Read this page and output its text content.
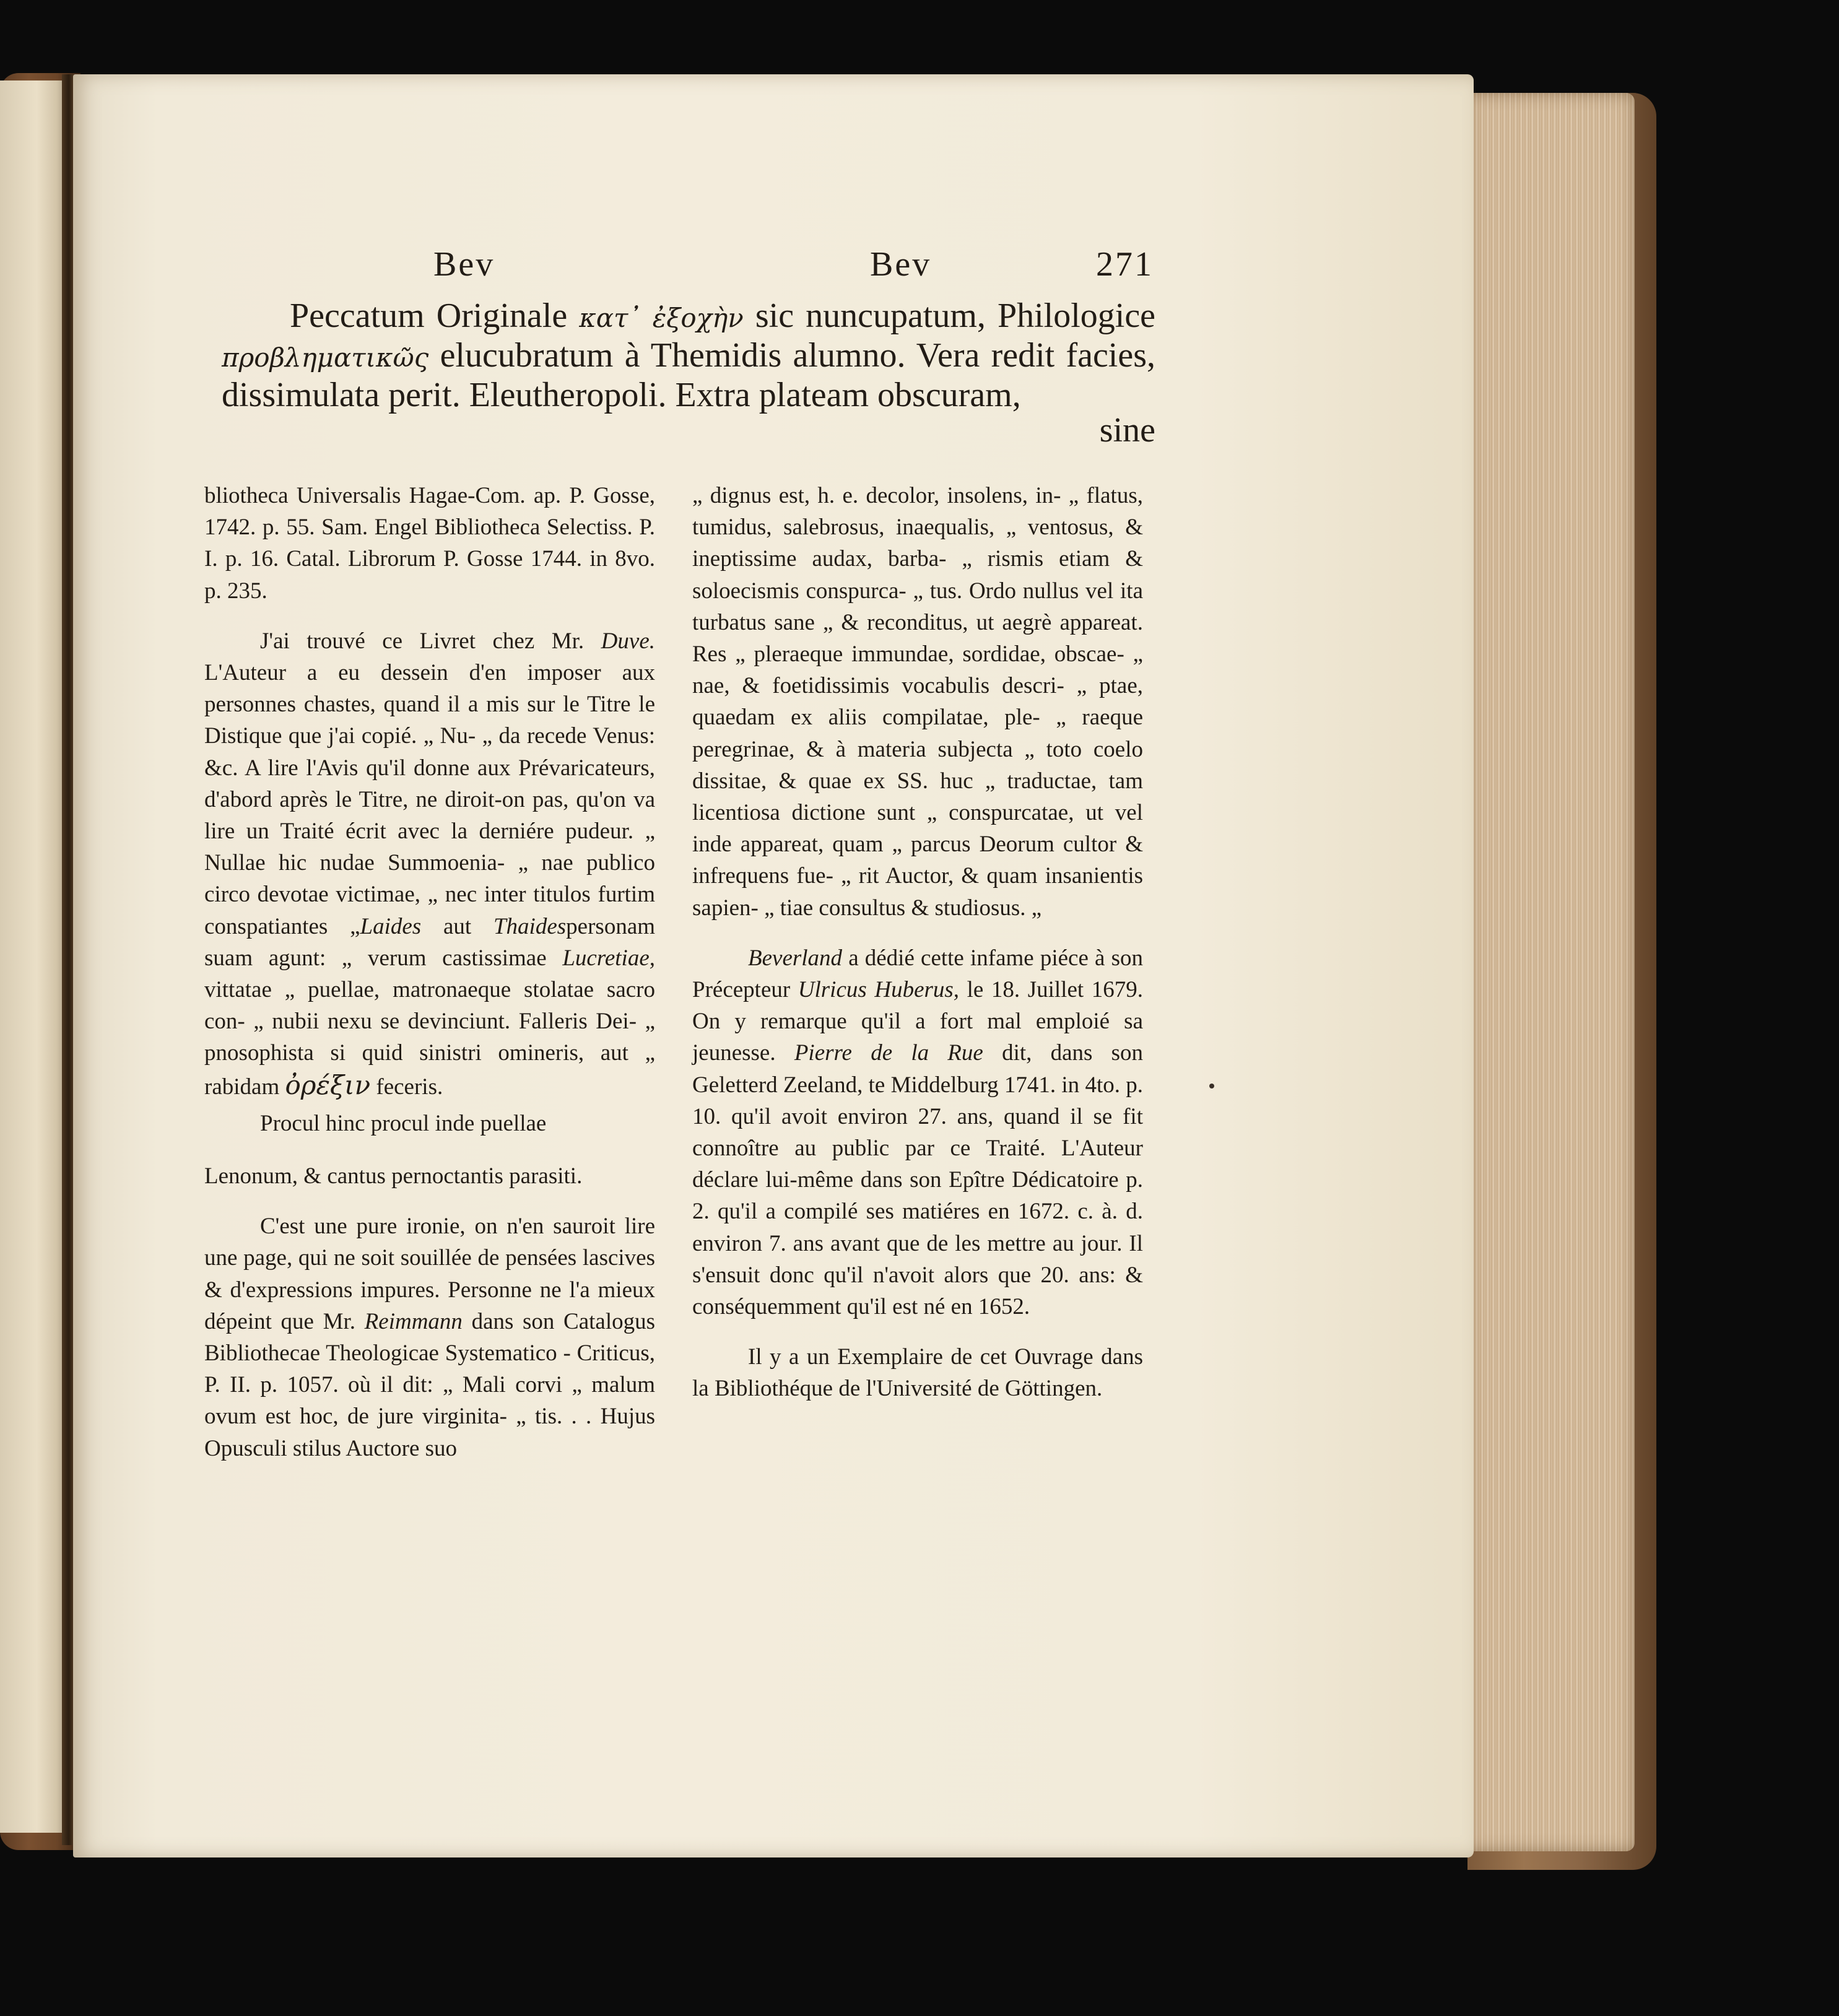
Bev	Bev	271
Peccatum Originale κατ᾽ ἐξοχὴν sic nuncupatum, Philologice προβληματικῶς elucubratum à Themidis alumno. Vera redit facies, dissimulata perit. Eleutheropoli. Extra plateam obscuram,
sine

bliotheca Universalis Hagae-Com. ap. P. Gosse, 1742. p. 55. Sam. Engel Bibliotheca Selectiss. P. I. p. 16. Catal. Librorum P. Gosse 1744. in 8vo. p. 235.

J'ai trouvé ce Livret chez Mr. Duve. L'Auteur a eu dessein d'en imposer aux personnes chastes, quand il a mis sur le Titre le Distique que j'ai copié. „ Nu- „ da recede Venus: &c. A lire l'Avis qu'il donne aux Prévaricateurs, d'abord après le Titre, ne diroit-on pas, qu'on va lire un Traité écrit avec la derniére pudeur. „ Nullae hic nudae Summoenia- „ nae publico circo devotae victimae, „ nec inter titulos furtim conspatiantes „Laides aut Thaidespersonam suam agunt: „ verum castissimae Lucretiae, vittatae „ puellae, matronaeque stolatae sacro con- „ nubii nexu se devinciunt. Falleris Dei- „ pnosophista si quid sinistri omineris, aut „ rabidam ὀρέξιν feceris.

Procul hinc procul inde puellae

Lenonum, & cantus pernoctantis parasiti.

C'est une pure ironie, on n'en sauroit lire une page, qui ne soit souillée de pensées lascives & d'expressions impures. Personne ne l'a mieux dépeint que Mr. Reimmann dans son Catalogus Bibliothecae Theologicae Systematico - Criticus, P. II. p. 1057. où il dit: „ Mali corvi „ malum ovum est hoc, de jure virginita- „ tis. . . Hujus Opusculi stilus Auctore suo

„ dignus est, h. e. decolor, insolens, in- „ flatus, tumidus, salebrosus, inaequalis, „ ventosus, & ineptissime audax, barba- „ rismis etiam & soloecismis conspurca- „ tus. Ordo nullus vel ita turbatus sane „ & reconditus, ut aegrè appareat. Res „ pleraeque immundae, sordidae, obscae- „ nae, & foetidissimis vocabulis descri- „ ptae, quaedam ex aliis compilatae, ple- „ raeque peregrinae, & à materia subjecta „ toto coelo dissitae, & quae ex SS. huc „ traductae, tam licentiosa dictione sunt „ conspurcatae, ut vel inde appareat, quam „ parcus Deorum cultor & infrequens fue- „ rit Auctor, & quam insanientis sapien- „ tiae consultus & studiosus. „

Beverland a dédié cette infame piéce à son Précepteur Ulricus Huberus, le 18. Juillet 1679. On y remarque qu'il a fort mal emploié sa jeunesse. Pierre de la Rue dit, dans son Geletterd Zeeland, te Middelburg 1741. in 4to. p. 10. qu'il avoit environ 27. ans, quand il se fit connoître au public par ce Traité. L'Auteur déclare lui-même dans son Epître Dédicatoire p. 2. qu'il a compilé ses matiéres en 1672. c. à. d. environ 7. ans avant que de les mettre au jour. Il s'ensuit donc qu'il n'avoit alors que 20. ans: & conséquemment qu'il est né en 1652.

Il y a un Exemplaire de cet Ouvrage dans la Bibliothéque de l'Université de Göttingen.
